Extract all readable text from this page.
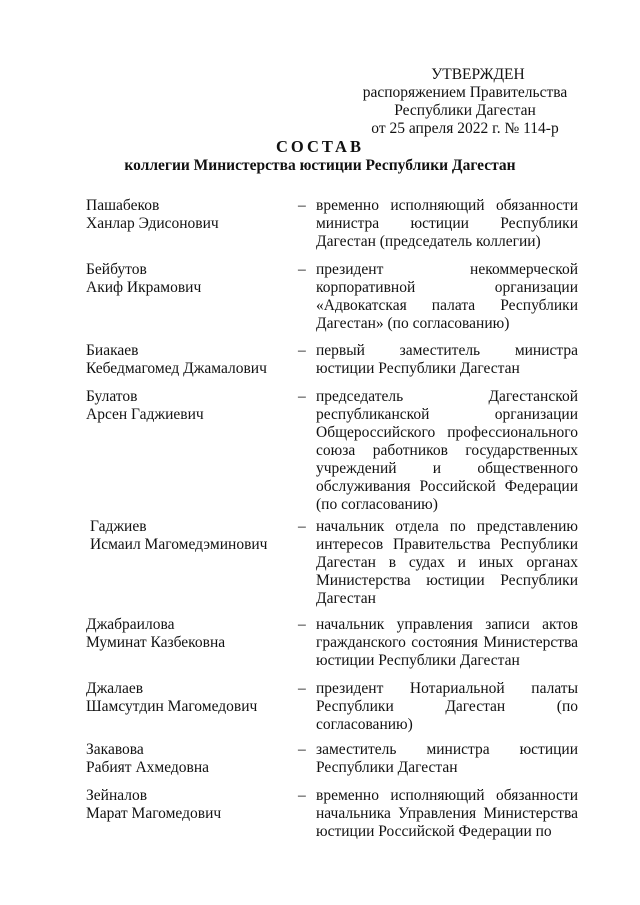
УТВЕРЖДЕН
распоряжением Правительства
Республики Дагестан
от 25 апреля 2022 г. № 114-р
СОСТАВ
коллегии Министерства юстиции Республики Дагестан
Пашабеков
Ханлар Эдисонович
– временно исполняющий обязанности министра юстиции Республики Дагестан (председатель коллегии)
Бейбутов
Акиф Икрамович
– президент некоммерческой корпоративной организации «Адвокатская палата Республики Дагестан» (по согласованию)
Биакаев
Кебедмагомед Джамалович
– первый заместитель министра юстиции Республики Дагестан
Булатов
Арсен Гаджиевич
– председатель Дагестанской республиканской организации Общероссийского профессионального союза работников государственных учреждений и общественного обслуживания Российской Федерации (по согласованию)
Гаджиев
Исмаил Магомедэминович
– начальник отдела по представлению интересов Правительства Республики Дагестан в судах и иных органах Министерства юстиции Республики Дагестан
Джабраилова
Муминат Казбековна
– начальник управления записи актов гражданского состояния Министерства юстиции Республики Дагестан
Джалаев
Шамсутдин Магомедович
– президент Нотариальной палаты Республики Дагестан (по согласованию)
Закавова
Рабият Ахмедовна
– заместитель министра юстиции Республики Дагестан
Зейналов
Марат Магомедович
– временно исполняющий обязанности начальника Управления Министерства юстиции Российской Федерации по
